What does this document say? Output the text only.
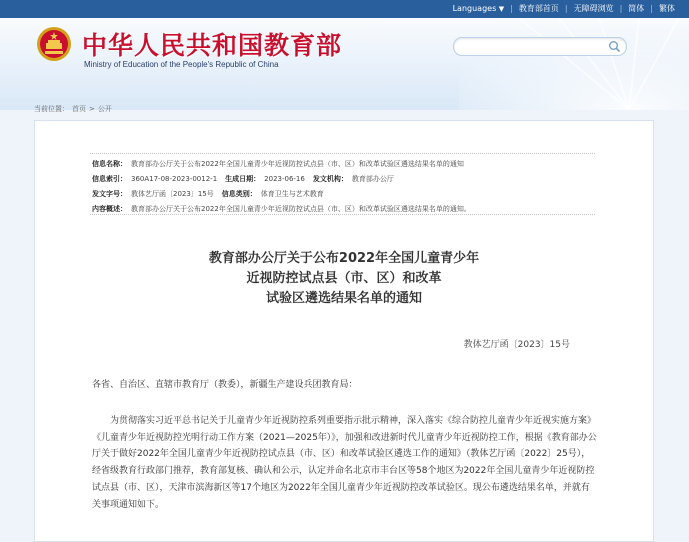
Languages ▼ | 教育部首页 | 无障碍浏览 | 简体 | 繁体
中华人民共和国教育部
Ministry of Education of the People's Republic of China
当前位置： 首页 > 公开
信息名称： 教育部办公厅关于公布2022年全国儿童青少年近视防控试点县（市、区）和改革试验区遴选结果名单的通知
信息索引： 360A17-08-2023-0012-1 生成日期： 2023-06-16 发文机构： 教育部办公厅
发文字号： 教体艺厅函〔2023〕15号 信息类别： 体育卫生与艺术教育
内容概述： 教育部办公厅关于公布2022年全国儿童青少年近视防控试点县（市、区）和改革试验区遴选结果名单的通知。
教育部办公厅关于公布2022年全国儿童青少年
近视防控试点县（市、区）和改革
试验区遴选结果名单的通知
教体艺厅函〔2023〕15号
各省、自治区、直辖市教育厅（教委），新疆生产建设兵团教育局：
为贯彻落实习近平总书记关于儿童青少年近视防控系列重要指示批示精神，深入落实《综合防控儿童青少年近视实施方案》《儿童青少年近视防控光明行动工作方案（2021—2025年）》，加强和改进新时代儿童青少年近视防控工作，根据《教育部办公厅关于做好2022年全国儿童青少年近视防控试点县（市、区）和改革试验区遴选工作的通知》（教体艺厅函〔2022〕25号），经省级教育行政部门推荐，教育部复核、确认和公示，认定并命名北京市丰台区等58个地区为2022年全国儿童青少年近视防控试点县（市、区），天津市滨海新区等17个地区为2022年全国儿童青少年近视防控改革试验区。现公布遴选结果名单，并就有关事项通知如下。
